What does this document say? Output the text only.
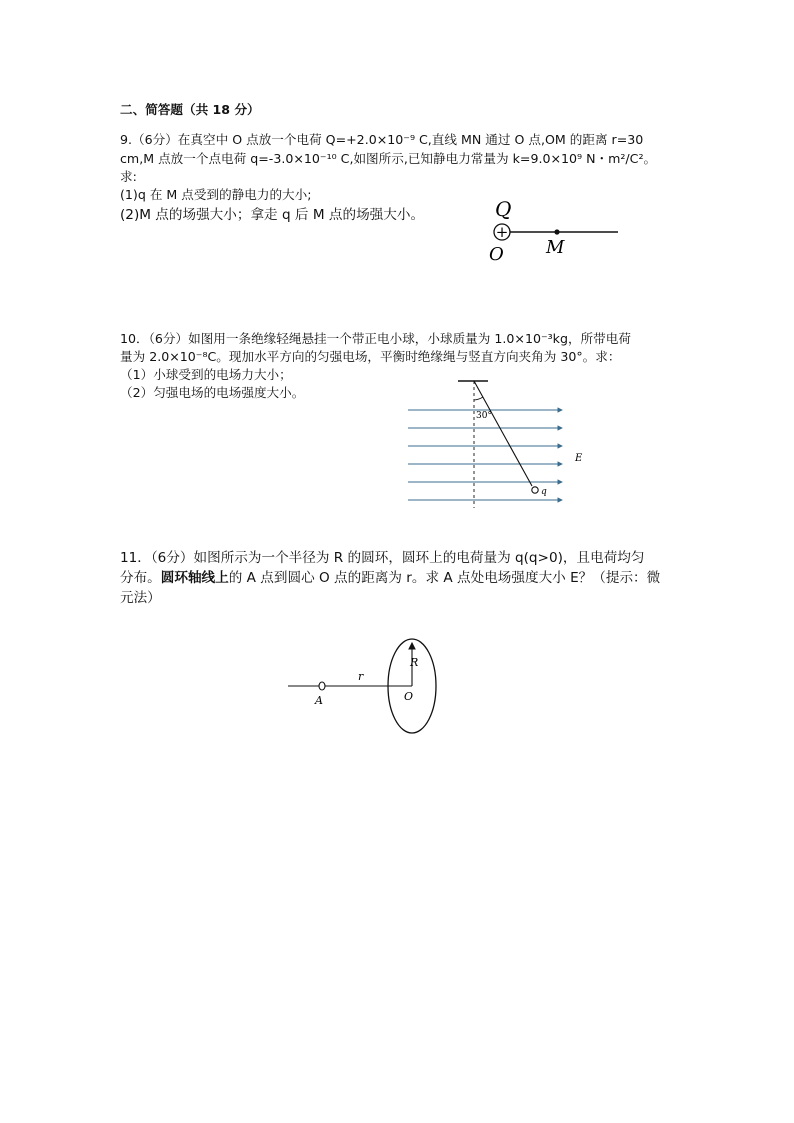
二、简答题（共 18 分）
9.（6分）在真空中 O 点放一个电荷 Q=+2.0×10⁻⁹ C,直线 MN 通过 O 点,OM 的距离 r=30
cm,M 点放一个点电荷 q=-3.0×10⁻¹⁰ C,如图所示,已知静电力常量为 k=9.0×10⁹ N・m²/C²。
求:
(1)q 在 M 点受到的静电力的大小;
(2)M 点的场强大小；拿走 q 后 M 点的场强大小。	Q
+
O M
10．（6分）如图用一条绝缘轻绳悬挂一个带正电小球，小球质量为 1.0×10⁻³kg，所带电荷
量为 2.0×10⁻⁸C。现加水平方向的匀强电场，平衡时绝缘绳与竖直方向夹角为 30°。求：
（1）小球受到的电场力大小；
（2）匀强电场的电场强度大小。
30°
q
E
11．（6分）如图所示为一个半径为 R 的圆环，圆环上的电荷量为 q(q>0)，且电荷均匀
分布。圆环轴线上的 A 点到圆心 O 点的距离为 r。求 A 点处电场强度大小 E？（提示：微
元法）
A
r
O
R
